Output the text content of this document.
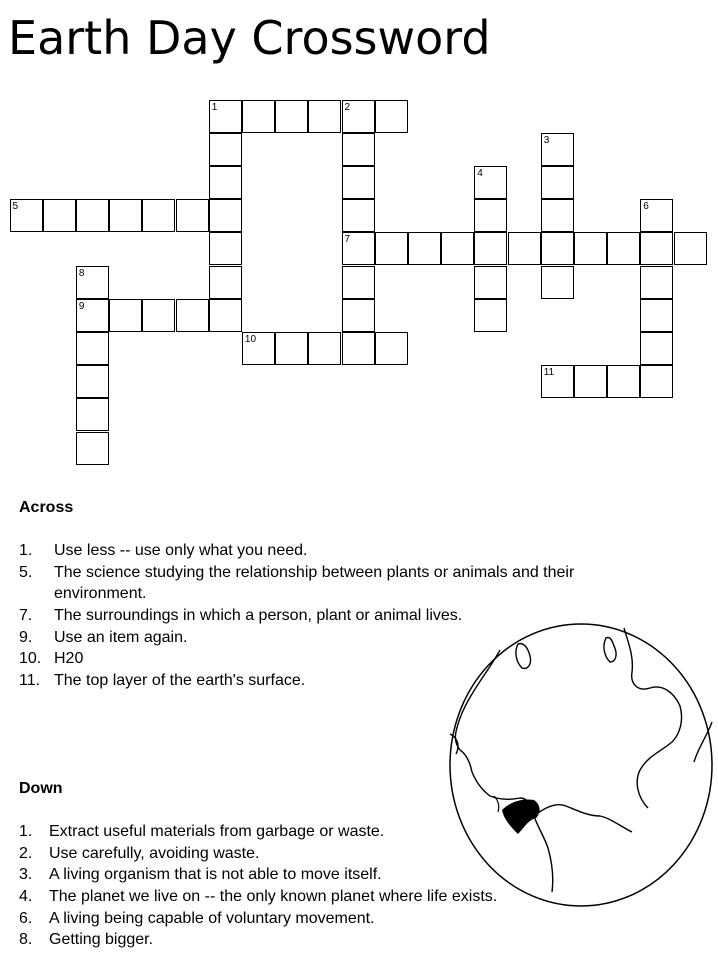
Earth Day Crossword
1	2
3
4
5	6
7
8
9
10
11
Across
1. Use less -- use only what you need.
5. The science studying the relationship between plants or animals and their environment.
7. The surroundings in which a person, plant or animal lives.
9. Use an item again.
10. H20
11. The top layer of the earth's surface.
Down
1. Extract useful materials from garbage or waste.
2. Use carefully, avoiding waste.
3. A living organism that is not able to move itself.
4. The planet we live on -- the only known planet where life exists.
6. A living being capable of voluntary movement.
8. Getting bigger.
